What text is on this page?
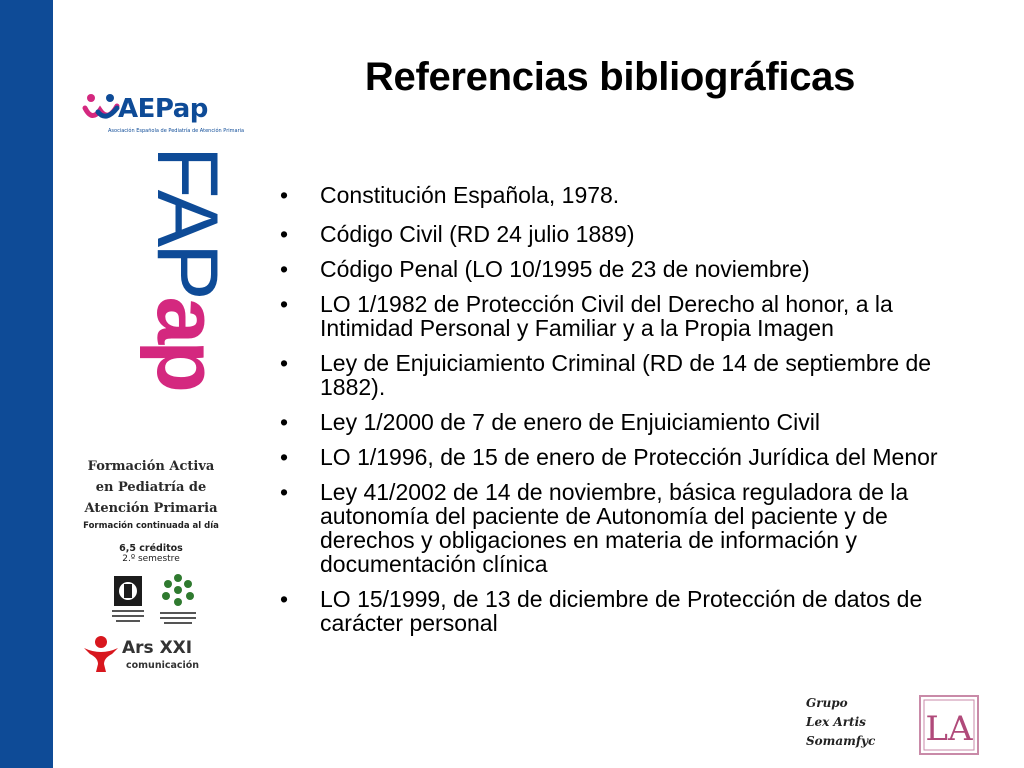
AEPap
Asociación Española de Pediatría de Atención Primaria
FAPap
Formación Activa
en Pediatría de
Atención Primaria
Formación continuada al día
6,5 créditos
2.º semestre
Ars XXI
comunicación
Referencias bibliográficas
• Constitución Española, 1978.
• Código Civil (RD 24 julio 1889)
• Código Penal (LO 10/1995 de 23 de noviembre)
• LO 1/1982 de Protección Civil del Derecho al honor, a la Intimidad Personal y Familiar y a la Propia Imagen
• Ley de Enjuiciamiento Criminal (RD de 14 de septiembre de 1882).
• Ley 1/2000 de 7 de enero de Enjuiciamiento Civil
• LO 1/1996, de 15 de enero de Protección Jurídica del Menor
• Ley 41/2002 de 14 de noviembre, básica reguladora de la autonomía del paciente de Autonomía del paciente y de derechos y obligaciones en materia de información y documentación clínica
• LO 15/1999, de 13 de diciembre de Protección de datos de carácter personal
Grupo
Lex Artis
Somamfyc LA
